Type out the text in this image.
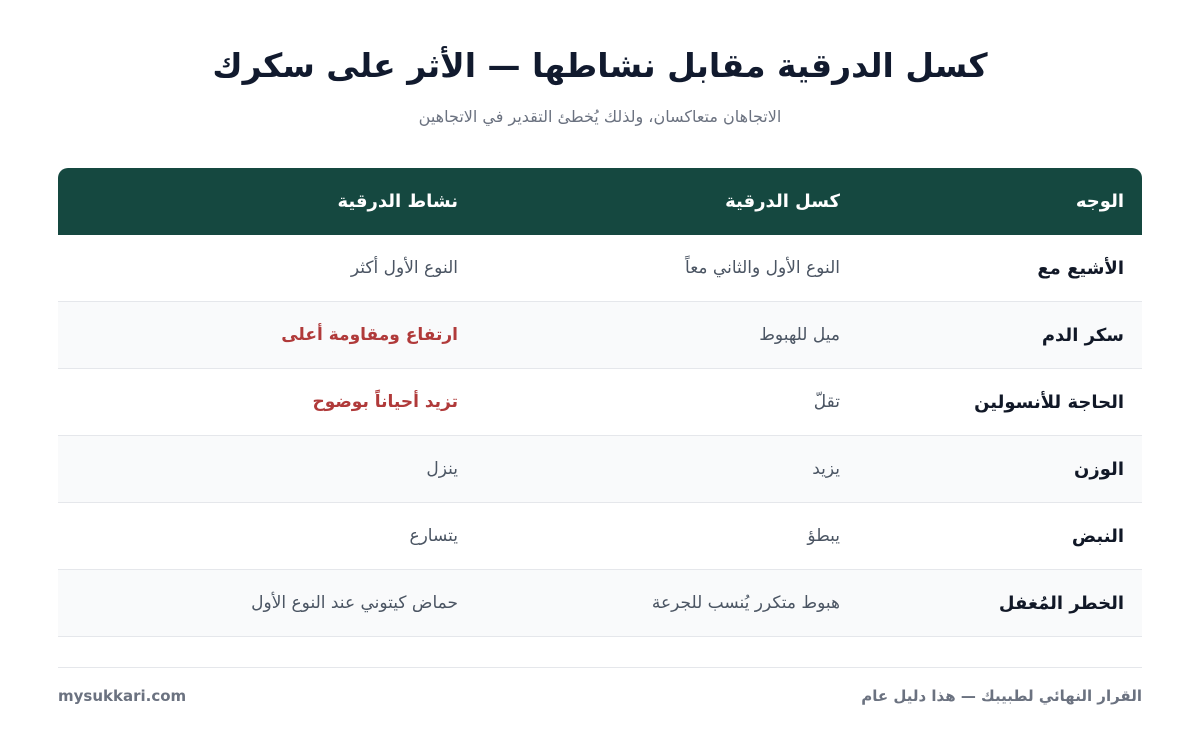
كسل الدرقية مقابل نشاطها — الأثر على سكرك

الاتجاهان متعاكسان، ولذلك يُخطئ التقدير في الاتجاهين

الوجه
كسل الدرقية
نشاط الدرقية
الأشيع مع
النوع الأول والثاني معاً
النوع الأول أكثر
سكر الدم
ميل للهبوط
ارتفاع ومقاومة أعلى
الحاجة للأنسولين
تقلّ
تزيد أحياناً بوضوح
الوزن
يزيد
ينزل
النبض
يبطؤ
يتسارع
الخطر المُغفل
هبوط متكرر يُنسب للجرعة
حماض كيتوني عند النوع الأول
القرار النهائي لطبيبك — هذا دليل عام
mysukkari.com
